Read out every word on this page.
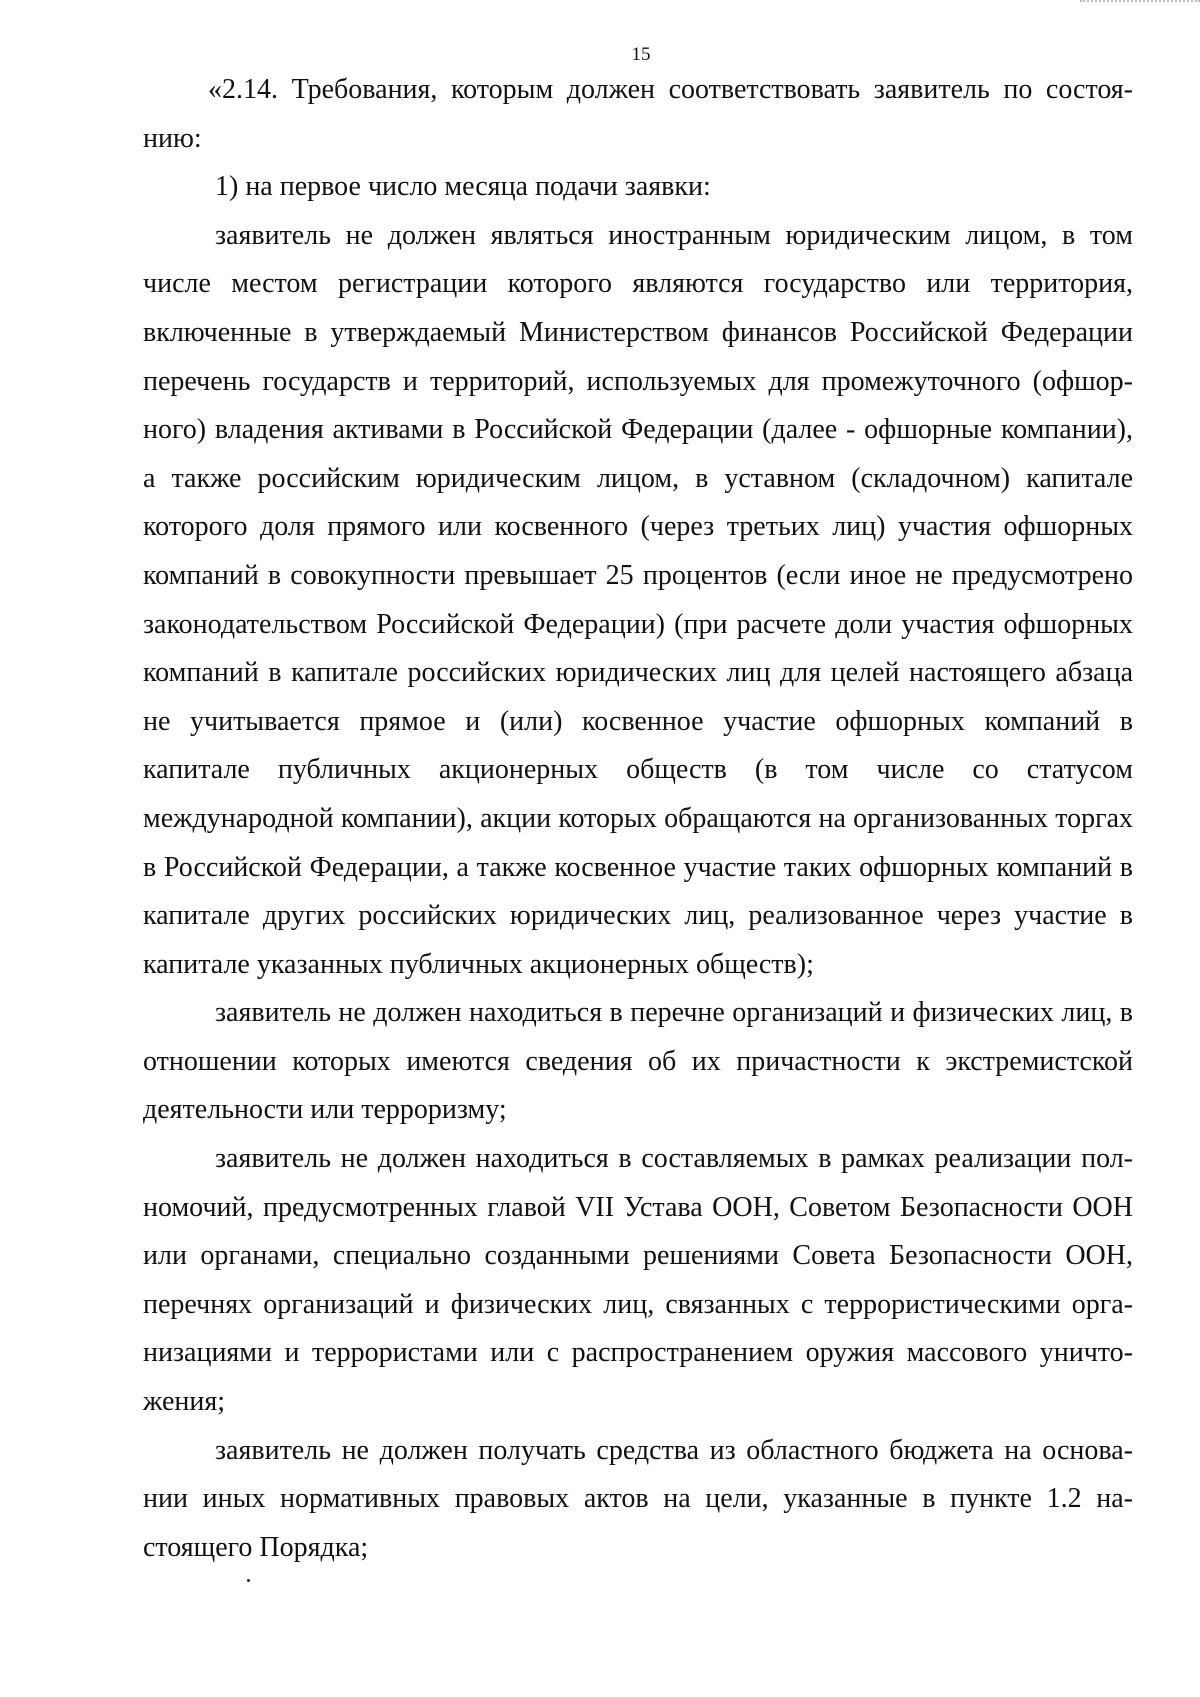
15

«2.14. Требования, которым должен соответствовать заявитель по состоянию:

1) на первое число месяца подачи заявки:

заявитель не должен являться иностранным юридическим лицом, в том числе местом регистрации которого являются государство или территория, включенные в утверждаемый Министерством финансов Российской Федерации перечень государств и территорий, используемых для промежуточного (офшорного) владения активами в Российской Федерации (далее - офшорные компании), а также российским юридическим лицом, в уставном (складочном) капитале которого доля прямого или косвенного (через третьих лиц) участия офшорных компаний в совокупности превышает 25 процентов (если иное не предусмотрено законодательством Российской Федерации) (при расчете доли участия офшорных компаний в капитале российских юридических лиц для целей настоящего абзаца не учитывается прямое и (или) косвенное участие офшорных компаний в капитале публичных акционерных обществ (в том числе со статусом международной компании), акции которых обращаются на организованных торгах в Российской Федерации, а также косвенное участие таких офшорных компаний в капитале других российских юридических лиц, реализованное через участие в капитале указанных публичных акционерных обществ);

заявитель не должен находиться в перечне организаций и физических лиц, в отношении которых имеются сведения об их причастности к экстремистской деятельности или терроризму;

заявитель не должен находиться в составляемых в рамках реализации полномочий, предусмотренных главой VII Устава ООН, Советом Безопасности ООН или органами, специально созданными решениями Совета Безопасности ООН, перечнях организаций и физических лиц, связанных с террористическими организациями и террористами или с распространением оружия массового уничтожения;

заявитель не должен получать средства из областного бюджета на основании иных нормативных правовых актов на цели, указанные в пункте 1.2 настоящего Порядка;
